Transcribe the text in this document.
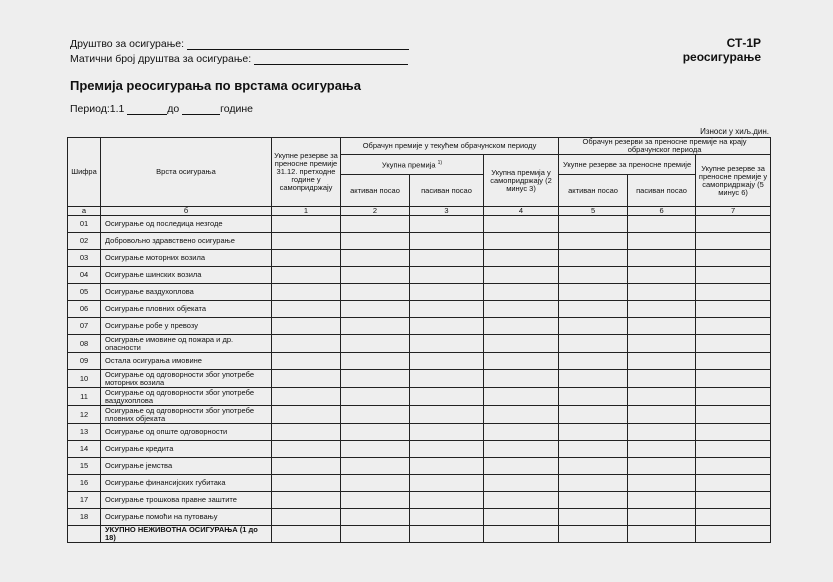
Друштво за осигурање:
Матични број друштва за осигурање:
СТ-1Р
реосигурање
Премија реосигурања по врстама осигурања
Период:1.1	до	године
Износи у хиљ.дин.
Шифра	Врста осигурања	Укупне резерве за преносне премије 31.12. претходне године у самопридржају	Обрачун премије у текућем обрачунском периоду			Обрачун резерви за преносне премије на крају обрачунског периода		
			Укупна премија $^{1)}$		Укупна премија у самопридржају (2 минус 3)	Укупне резерве за преносне премије		Укупне резерве за преносне премије у самопридржају (5 минус 6)
			активан посао	пасиван посао		активан посао	пасиван посао	
а	б	1	2	3	4	5	6	7
01	Осигурање од последица незгоде							
02	Добровољно здравствено осигурање							
03	Осигурање моторних возила							
04	Осигурање шинских возила							
05	Осигурање ваздухоплова							
06	Осигурање пловних објеката							
07	Осигурање робе у превозу							
08	Осигурање имовине од пожара и др. опасности							
09	Остала осигурања имовине							
10	Осигурање од одговорности због употребе моторних возила							
11	Осигурање од одговорности због употребе ваздухоплова							
12	Осигурање од одговорности због употребе пловних објеката							
13	Осигурање од опште одговорности							
14	Осигурање кредита							
15	Осигурање јемства							
16	Осигурање финансијских губитака							
17	Осигурање трошкова правне заштите							
18	Осигурање помоћи на путовању							
	УКУПНО НЕЖИВОТНА ОСИГУРАЊА (1 до 18)							
